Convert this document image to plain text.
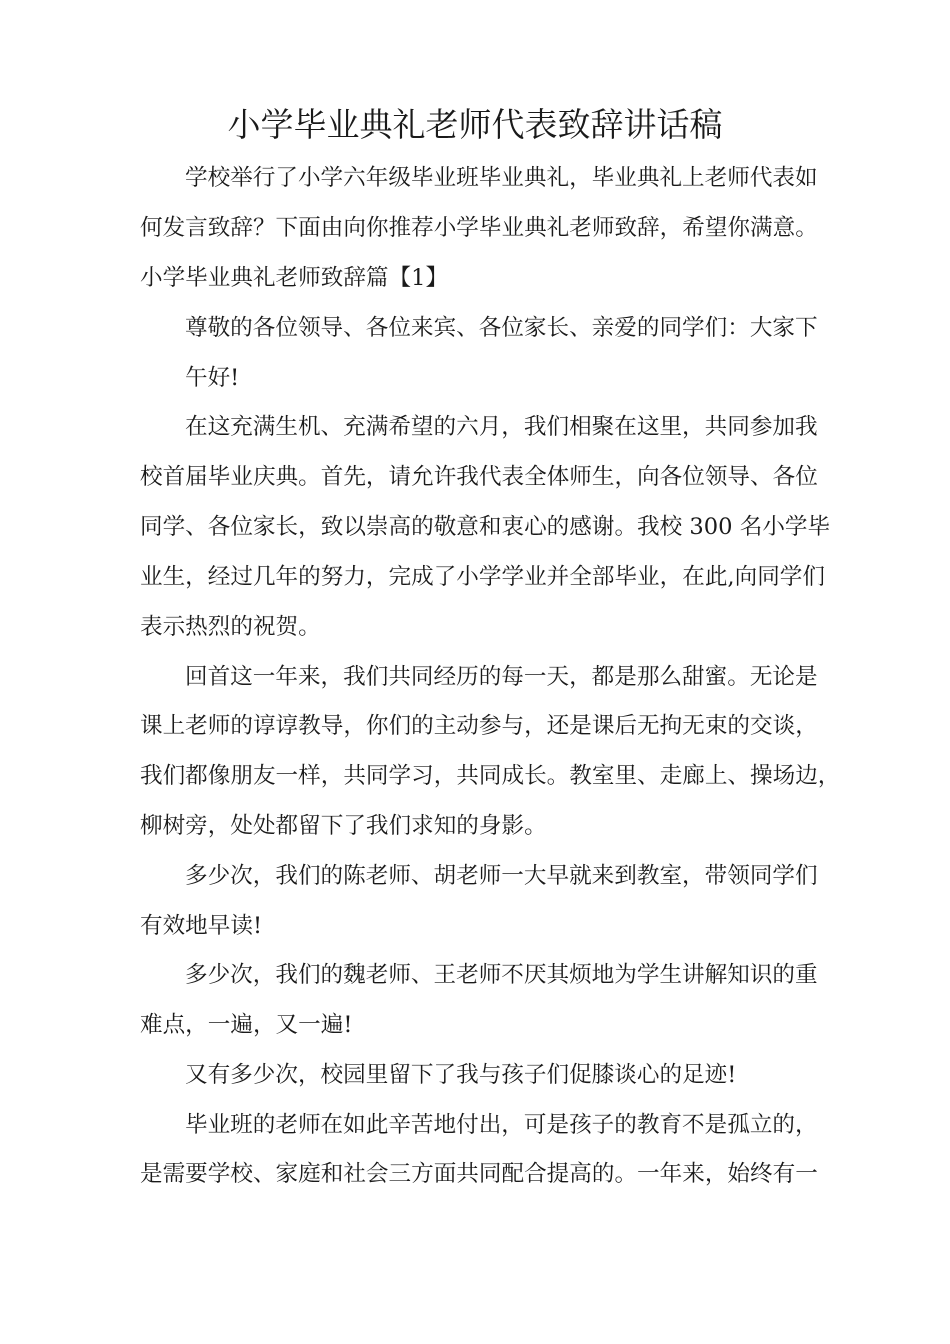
小学毕业典礼老师代表致辞讲话稿
学校举行了小学六年级毕业班毕业典礼，毕业典礼上老师代表如
何发言致辞？下面由向你推荐小学毕业典礼老师致辞，希望你满意。
小学毕业典礼老师致辞篇【1】
尊敬的各位领导、各位来宾、各位家长、亲爱的同学们：大家下
午好!
在这充满生机、充满希望的六月，我们相聚在这里，共同参加我
校首届毕业庆典。首先，请允许我代表全体师生，向各位领导、各位
同学、各位家长，致以崇高的敬意和衷心的感谢。我校 300 名小学毕
业生，经过几年的努力，完成了小学学业并全部毕业，在此,向同学们
表示热烈的祝贺。
回首这一年来，我们共同经历的每一天，都是那么甜蜜。无论是
课上老师的谆谆教导，你们的主动参与，还是课后无拘无束的交谈，
我们都像朋友一样，共同学习，共同成长。教室里、走廊上、操场边，
柳树旁，处处都留下了我们求知的身影。
多少次，我们的陈老师、胡老师一大早就来到教室，带领同学们
有效地早读!
多少次，我们的魏老师、王老师不厌其烦地为学生讲解知识的重
难点，一遍，又一遍!
又有多少次，校园里留下了我与孩子们促膝谈心的足迹!
毕业班的老师在如此辛苦地付出，可是孩子的教育不是孤立的，
是需要学校、家庭和社会三方面共同配合提高的。一年来，始终有一
